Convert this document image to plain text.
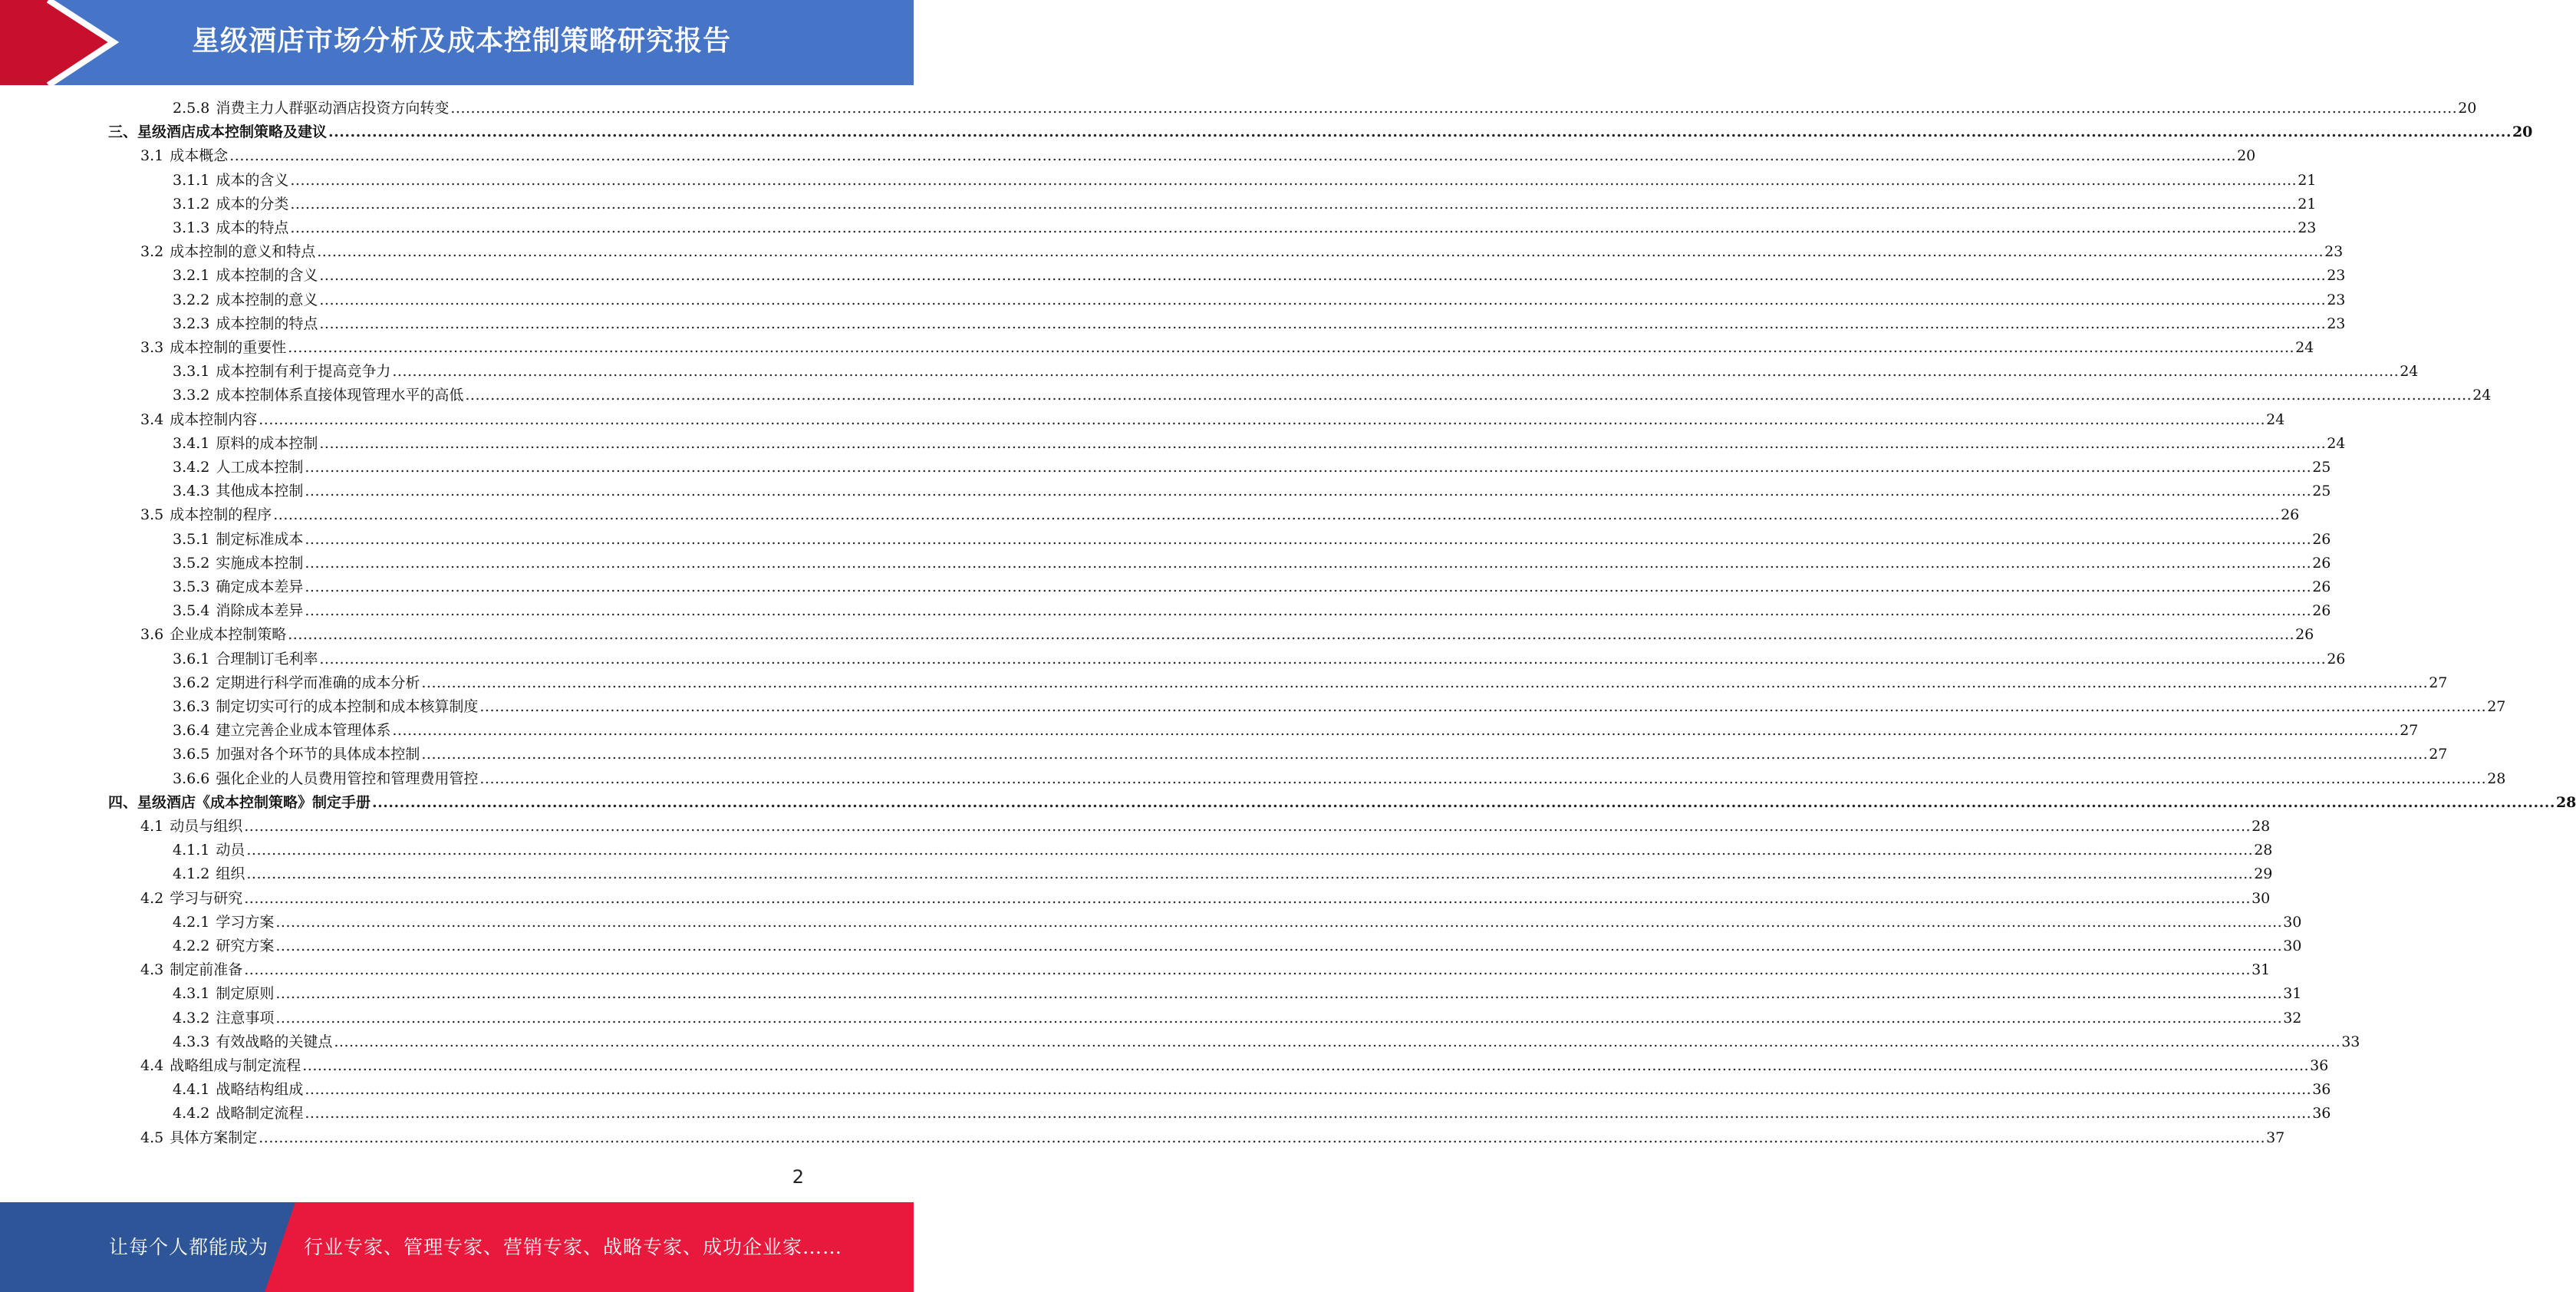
星级酒店市场分析及成本控制策略研究报告
2.5.8 消费主力人群驱动酒店投资方向转变 ................................................................................................................................................................................................................................................................................................................................................................................................................ 20
三、 星级酒店成本控制策略及建议 ................................................................................................................................................................................................................................................................................................................................................................................................................ 20
3.1 成本概念 ................................................................................................................................................................................................................................................................................................................................................................................................................ 20
3.1.1 成本的含义 ................................................................................................................................................................................................................................................................................................................................................................................................................ 21
3.1.2 成本的分类 ................................................................................................................................................................................................................................................................................................................................................................................................................ 21
3.1.3 成本的特点 ................................................................................................................................................................................................................................................................................................................................................................................................................ 23
3.2 成本控制的意义和特点 ................................................................................................................................................................................................................................................................................................................................................................................................................ 23
3.2.1 成本控制的含义 ................................................................................................................................................................................................................................................................................................................................................................................................................ 23
3.2.2 成本控制的意义 ................................................................................................................................................................................................................................................................................................................................................................................................................ 23
3.2.3 成本控制的特点 ................................................................................................................................................................................................................................................................................................................................................................................................................ 23
3.3 成本控制的重要性 ................................................................................................................................................................................................................................................................................................................................................................................................................ 24
3.3.1 成本控制有利于提高竞争力 ................................................................................................................................................................................................................................................................................................................................................................................................................ 24
3.3.2 成本控制体系直接体现管理水平的高低 ................................................................................................................................................................................................................................................................................................................................................................................................................ 24
3.4 成本控制内容 ................................................................................................................................................................................................................................................................................................................................................................................................................ 24
3.4.1 原料的成本控制 ................................................................................................................................................................................................................................................................................................................................................................................................................ 24
3.4.2 人工成本控制 ................................................................................................................................................................................................................................................................................................................................................................................................................ 25
3.4.3 其他成本控制 ................................................................................................................................................................................................................................................................................................................................................................................................................ 25
3.5 成本控制的程序 ................................................................................................................................................................................................................................................................................................................................................................................................................ 26
3.5.1 制定标准成本 ................................................................................................................................................................................................................................................................................................................................................................................................................ 26
3.5.2 实施成本控制 ................................................................................................................................................................................................................................................................................................................................................................................................................ 26
3.5.3 确定成本差异 ................................................................................................................................................................................................................................................................................................................................................................................................................ 26
3.5.4 消除成本差异 ................................................................................................................................................................................................................................................................................................................................................................................................................ 26
3.6 企业成本控制策略 ................................................................................................................................................................................................................................................................................................................................................................................................................ 26
3.6.1 合理制订毛利率 ................................................................................................................................................................................................................................................................................................................................................................................................................ 26
3.6.2 定期进行科学而准确的成本分析 ................................................................................................................................................................................................................................................................................................................................................................................................................ 27
3.6.3 制定切实可行的成本控制和成本核算制度 ................................................................................................................................................................................................................................................................................................................................................................................................................ 27
3.6.4 建立完善企业成本管理体系 ................................................................................................................................................................................................................................................................................................................................................................................................................ 27
3.6.5 加强对各个环节的具体成本控制 ................................................................................................................................................................................................................................................................................................................................................................................................................ 27
3.6.6 强化企业的人员费用管控和管理费用管控 ................................................................................................................................................................................................................................................................................................................................................................................................................ 28
四、 星级酒店《成本控制策略》制定手册 ................................................................................................................................................................................................................................................................................................................................................................................................................ 28
4.1 动员与组织 ................................................................................................................................................................................................................................................................................................................................................................................................................ 28
4.1.1 动员 ................................................................................................................................................................................................................................................................................................................................................................................................................ 28
4.1.2 组织 ................................................................................................................................................................................................................................................................................................................................................................................................................ 29
4.2 学习与研究 ................................................................................................................................................................................................................................................................................................................................................................................................................ 30
4.2.1 学习方案 ................................................................................................................................................................................................................................................................................................................................................................................................................ 30
4.2.2 研究方案 ................................................................................................................................................................................................................................................................................................................................................................................................................ 30
4.3 制定前准备 ................................................................................................................................................................................................................................................................................................................................................................................................................ 31
4.3.1 制定原则 ................................................................................................................................................................................................................................................................................................................................................................................................................ 31
4.3.2 注意事项 ................................................................................................................................................................................................................................................................................................................................................................................................................ 32
4.3.3 有效战略的关键点 ................................................................................................................................................................................................................................................................................................................................................................................................................ 33
4.4 战略组成与制定流程 ................................................................................................................................................................................................................................................................................................................................................................................................................ 36
4.4.1 战略结构组成 ................................................................................................................................................................................................................................................................................................................................................................................................................ 36
4.4.2 战略制定流程 ................................................................................................................................................................................................................................................................................................................................................................................................................ 36
4.5 具体方案制定 ................................................................................................................................................................................................................................................................................................................................................................................................................ 37
2
让每个人都能成为 行业专家、管理专家、营销专家、战略专家、成功企业家……
